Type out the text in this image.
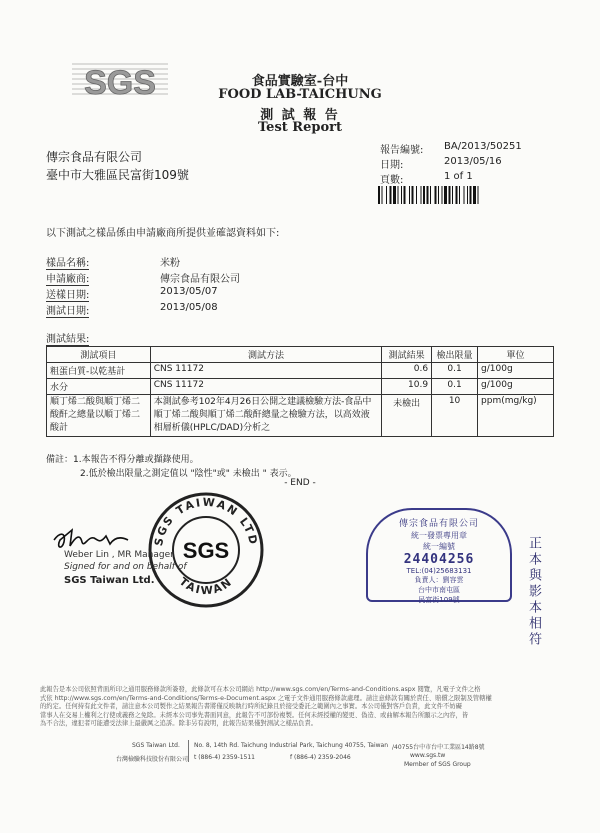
SGS	食品實驗室-台中
FOOD LAB-TAICHUNG
測 試 報 告
Test Report
傳宗食品有限公司
臺中市大雅區民富街109號
報告編號: BA/2013/50251
日期:	2013/05/16
頁數:	1 of 1
以下測試之樣品係由申請廠商所提供並確認資料如下:
樣品名稱:	米粉
申請廠商:	傳宗食品有限公司
送樣日期:	2013/05/07
測試日期:	2013/05/08
測試結果:
測試項目	測試方法	測試結果	檢出限量	單位
粗蛋白質-以乾基計	CNS 11172	0.6	0.1	g/100g
水分	CNS 11172	10.9	0.1	g/100g
順丁烯二酸與順丁烯二酸酐之總量以順丁烯二酸計	本測試參考102年4月26日公開之建議檢驗方法-食品中順丁烯二酸與順丁烯二酸酐總量之檢驗方法，以高效液相層析儀(HPLC/DAD)分析之	未檢出	10	ppm(mg/kg)
備註：1.本報告不得分離或擷錄使用。
2.低於檢出限量之測定值以 "陰性"或" 未檢出 " 表示。
- END -
SGS TAIWAN LTD
TAIWAN
SGS
Weber Lin , MR Manager
Signed for and on behalf of
SGS Taiwan Ltd.
傳宗食品有限公司
統一發票專用章
統一編號
24404256
TEL:(04)25683131
負責人：劉容雲
台中市南屯區
民富街109號	正本與影本相符
此報告是本公司依照背面所印之通用服務條款所簽發，此條款可在本公司網站 http://www.sgs.com/en/Terms-and-Conditions.aspx 閱覽，凡電子文件之格
式依 http://www.sgs.com/en/Terms-and-Conditions/Terms-e-Document.aspx 之電子文件通用服務條款處理。請注意條款有關於責任、賠償之限制及管轄權
的約定。任何持有此文件者，請注意本公司製作之結果報告書將僅反映執行時所紀錄且於接受委託之範圍內之事實。本公司僅對客戶負責，此文件不妨礙
當事人在交易上權利之行使或義務之免除。未經本公司事先書面同意，此報告不可部份複製。任何未經授權的變更、偽造、或曲解本報告所顯示之內容，皆
為不合法，違犯者可能遭受法律上最嚴厲之追訴。除非另有說明，此報告結果僅對測試之樣品負責。
SGS Taiwan Ltd.
台灣檢驗科技股份有限公司
No. 8, 14th Rd. Taichung Industrial Park, Taichung 40755, Taiwan /40755台中市台中工業區14路8號
t (886-4) 2359-1511	f (886-4) 2359-2046	www.sgs.tw
Member of SGS Group
